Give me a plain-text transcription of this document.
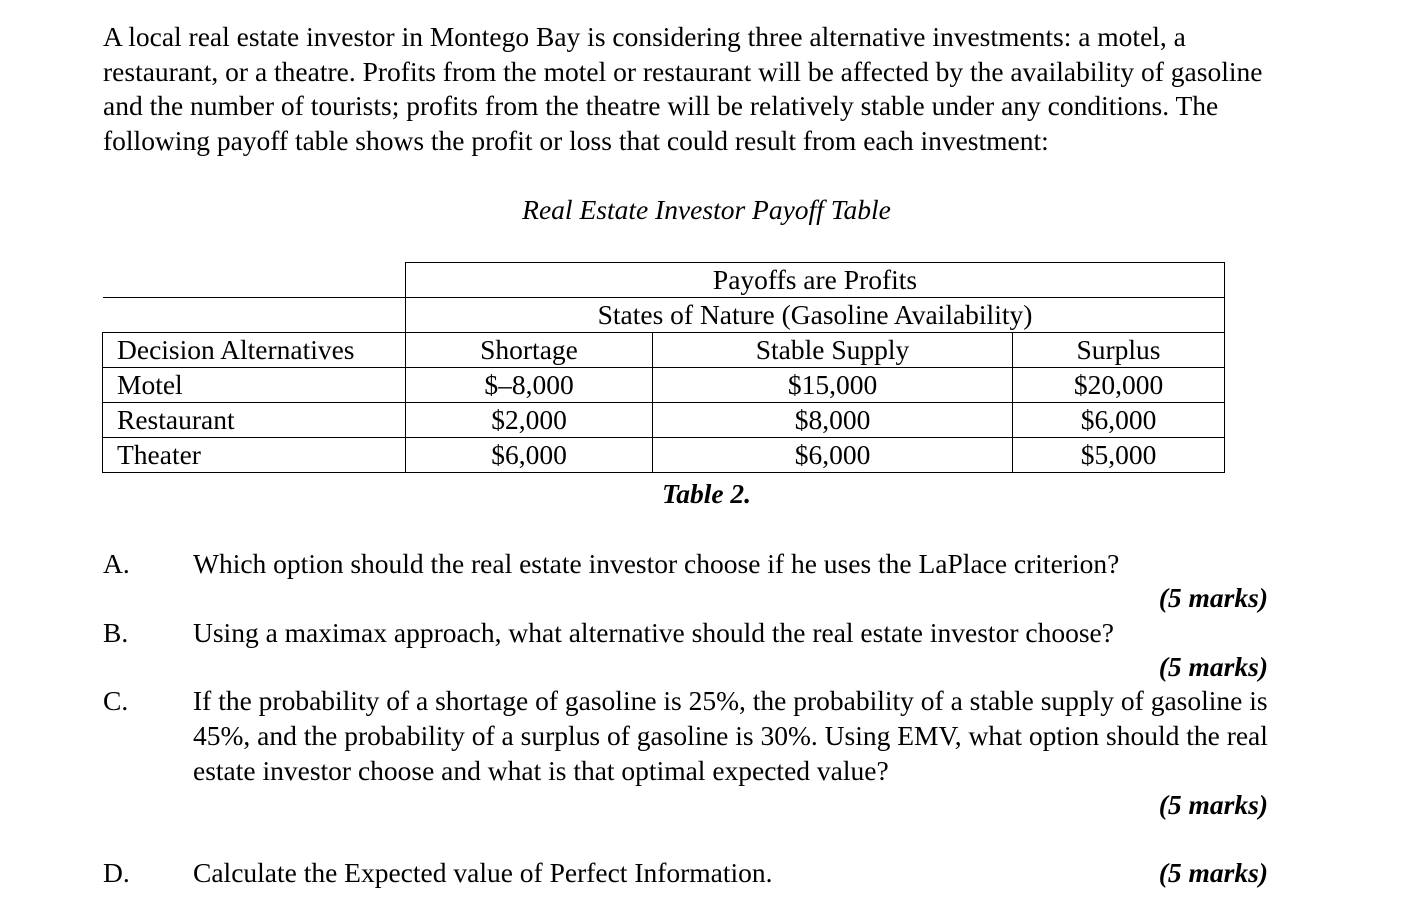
A local real estate investor in Montego Bay is considering three alternative investments: a motel, a restaurant, or a theatre. Profits from the motel or restaurant will be affected by the availability of gasoline and the number of tourists; profits from the theatre will be relatively stable under any conditions. The following payoff table shows the profit or loss that could result from each investment:

Real Estate Investor Payoff Table

	Payoffs are Profits		
	States of Nature (Gasoline Availability)		
Decision Alternatives	Shortage	Stable Supply	Surplus
Motel	$–8,000	$15,000	$20,000
Restaurant	$2,000	$8,000	$6,000
Theater	$6,000	$6,000	$5,000
Table 2.
A. Which option should the real estate investor choose if he uses the LaPlace criterion?
(5 marks)
B. Using a maximax approach, what alternative should the real estate investor choose?
(5 marks)
C. If the probability of a shortage of gasoline is 25%, the probability of a stable supply of gasoline is 45%, and the probability of a surplus of gasoline is 30%. Using EMV, what option should the real estate investor choose and what is that optimal expected value?
(5 marks)
D. Calculate the Expected value of Perfect Information.	(5 marks)
